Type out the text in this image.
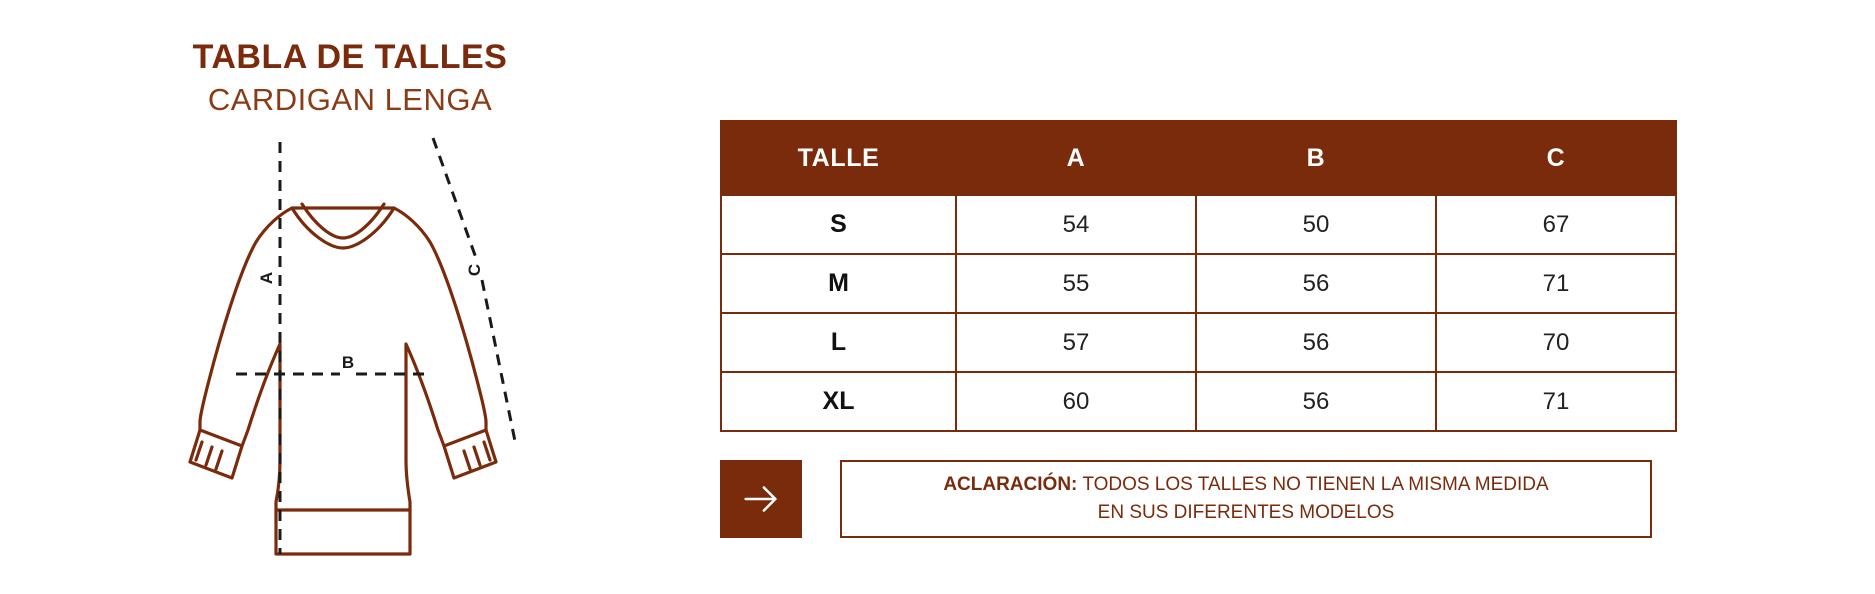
TABLA DE TALLES
CARDIGAN LENGA
A
B
C
TALLE	A	B	C
S	54	50	67
M	55	56	71
L	57	56	70
XL	60	56	71
ACLARACIÓN: TODOS LOS TALLES NO TIENEN LA MISMA MEDIDA
EN SUS DIFERENTES MODELOS
